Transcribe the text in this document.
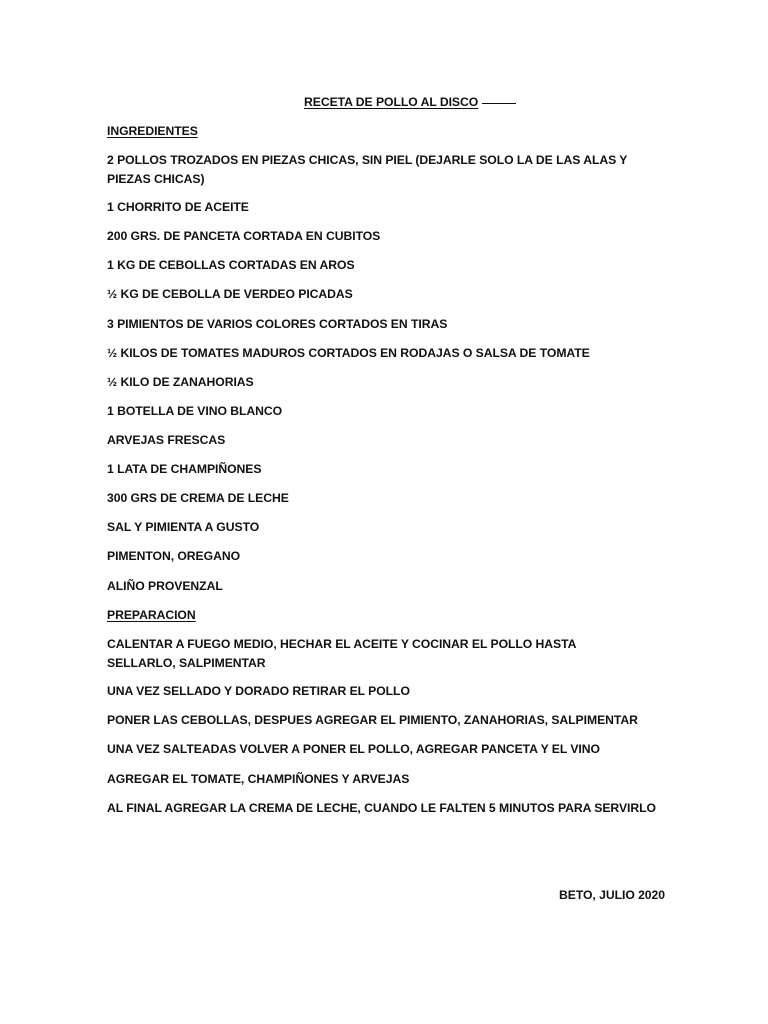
RECETA DE POLLO AL DISCO
INGREDIENTES
2 POLLOS TROZADOS EN PIEZAS CHICAS, SIN PIEL (DEJARLE SOLO LA DE LAS ALAS Y PIEZAS CHICAS)
1 CHORRITO DE ACEITE
200 GRS. DE PANCETA CORTADA EN CUBITOS
1 KG DE CEBOLLAS CORTADAS EN AROS
½ KG DE CEBOLLA DE VERDEO PICADAS
3 PIMIENTOS DE VARIOS COLORES CORTADOS EN TIRAS
½ KILOS DE TOMATES MADUROS CORTADOS EN RODAJAS O SALSA DE TOMATE
½ KILO DE ZANAHORIAS
1 BOTELLA DE VINO BLANCO
ARVEJAS FRESCAS
1 LATA DE CHAMPIÑONES
300 GRS DE CREMA DE LECHE
SAL Y PIMIENTA A GUSTO
PIMENTON, OREGANO
ALIÑO PROVENZAL
PREPARACION
CALENTAR A FUEGO MEDIO, HECHAR EL ACEITE Y COCINAR EL POLLO HASTA SELLARLO, SALPIMENTAR
UNA VEZ SELLADO Y DORADO RETIRAR EL POLLO
PONER LAS CEBOLLAS, DESPUES AGREGAR EL PIMIENTO, ZANAHORIAS, SALPIMENTAR
UNA VEZ SALTEADAS VOLVER A PONER EL POLLO, AGREGAR PANCETA Y EL VINO
AGREGAR EL TOMATE, CHAMPIÑONES Y ARVEJAS
AL FINAL AGREGAR LA CREMA DE LECHE, CUANDO LE FALTEN 5 MINUTOS PARA SERVIRLO
BETO, JULIO 2020
